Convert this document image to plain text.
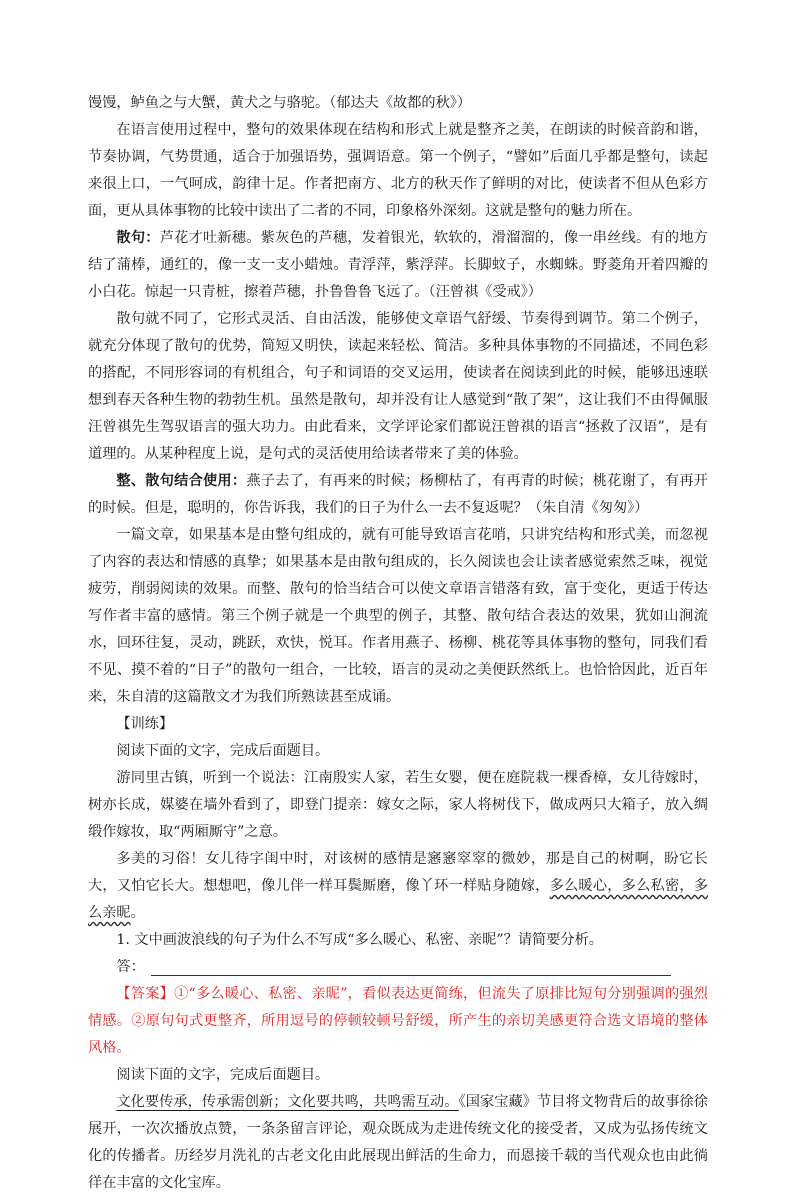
馒馒，鲈鱼之与大蟹，黄犬之与骆驼。（郁达夫《故都的秋》）

在语言使用过程中，整句的效果体现在结构和形式上就是整齐之美，在朗读的时候音韵和谐，节奏协调，气势贯通，适合于加强语势，强调语意。第一个例子，“譬如”后面几乎都是整句，读起来很上口，一气呵成，韵律十足。作者把南方、北方的秋天作了鲜明的对比，使读者不但从色彩方面，更从具体事物的比较中读出了二者的不同，印象格外深刻。这就是整句的魅力所在。

散句：芦花才吐新穗。紫灰色的芦穗，发着银光，软软的，滑溜溜的，像一串丝线。有的地方结了蒲棒，通红的，像一支一支小蜡烛。青浮萍，紫浮萍。长脚蚊子，水蜘蛛。野菱角开着四瓣的小白花。惊起一只青桩，擦着芦穗，扑鲁鲁鲁飞远了。（汪曾祺《受戒》）

散句就不同了，它形式灵活、自由活泼，能够使文章语气舒缓、节奏得到调节。第二个例子，就充分体现了散句的优势，简短又明快，读起来轻松、简洁。多种具体事物的不同描述，不同色彩的搭配，不同形容词的有机组合，句子和词语的交叉运用，使读者在阅读到此的时候，能够迅速联想到春天各种生物的勃勃生机。虽然是散句，却并没有让人感觉到“散了架”，这让我们不由得佩服汪曾祺先生驾驭语言的强大功力。由此看来，文学评论家们都说汪曾祺的语言“拯救了汉语”，是有道理的。从某种程度上说，是句式的灵活使用给读者带来了美的体验。

整、散句结合使用：燕子去了，有再来的时候；杨柳枯了，有再青的时候；桃花谢了，有再开的时候。但是，聪明的，你告诉我，我们的日子为什么一去不复返呢？（朱自清《匆匆》）

一篇文章，如果基本是由整句组成的，就有可能导致语言花哨，只讲究结构和形式美，而忽视了内容的表达和情感的真挚；如果基本是由散句组成的，长久阅读也会让读者感觉索然乏味，视觉疲劳，削弱阅读的效果。而整、散句的恰当结合可以使文章语言错落有致，富于变化，更适于传达写作者丰富的感情。第三个例子就是一个典型的例子，其整、散句结合表达的效果，犹如山涧流水，回环往复，灵动，跳跃，欢快，悦耳。作者用燕子、杨柳、桃花等具体事物的整句，同我们看不见、摸不着的“日子”的散句一组合，一比较，语言的灵动之美便跃然纸上。也恰恰因此，近百年来，朱自清的这篇散文才为我们所熟读甚至成诵。

【训练】

阅读下面的文字，完成后面题目。

游同里古镇，听到一个说法：江南殷实人家，若生女婴，便在庭院栽一棵香樟，女儿待嫁时，树亦长成，媒婆在墙外看到了，即登门提亲：嫁女之际，家人将树伐下，做成两只大箱子，放入绸缎作嫁妆，取“两厢厮守”之意。

多美的习俗！女儿待字闺中时，对该树的感情是窸窸窣窣的微妙，那是自己的树啊，盼它长大，又怕它长大。想想吧，像儿伴一样耳鬓厮磨，像丫环一样贴身随嫁，多么暖心，多么私密，多么亲昵。

1. 文中画波浪线的句子为什么不写成“多么暖心、私密、亲昵”？请简要分析。

答：

【答案】①“多么暖心、私密、亲昵”，看似表达更简练，但流失了原排比短句分别强调的强烈情感。②原句句式更整齐，所用逗号的停顿较顿号舒缓，所产生的亲切美感更符合选文语境的整体风格。

阅读下面的文字，完成后面题目。

文化要传承，传承需创新；文化要共鸣，共鸣需互动。《国家宝藏》节目将文物背后的故事徐徐展开，一次次播放点赞，一条条留言评论，观众既成为走进传统文化的接受者，又成为弘扬传统文化的传播者。历经岁月洗礼的古老文化由此展现出鲜活的生命力，而恩接千载的当代观众也由此徜徉在丰富的文化宝库。
